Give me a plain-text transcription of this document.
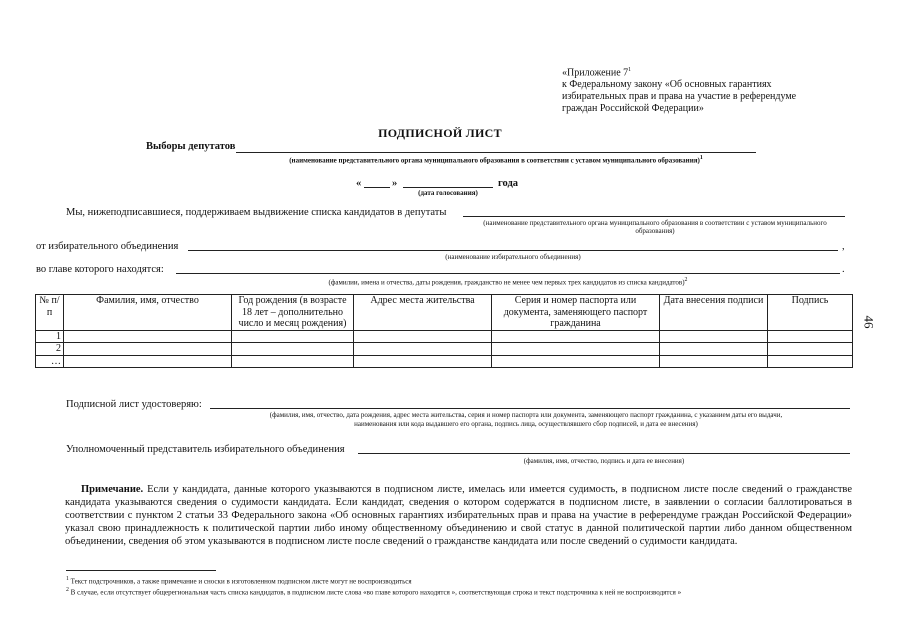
«Приложение $7^1$
к Федеральному закону «Об основных гарантиях
избирательных прав и права на участие в референдуме
граждан Российской Федерации»
ПОДПИСНОЙ ЛИСТ
Выборы депутатов
(наименование представительного органа муниципального образования в соответствии с уставом муниципального образования)$^1$
«	»	года
(дата голосования)
Мы, нижеподписавшиеся, поддерживаем выдвижение списка кандидатов в депутаты
(наименование представительного органа муниципального образования в соответствии с уставом муниципального образования)
от избирательного объединения	,
(наименование избирательного объединения)
во главе которого находятся:	.
(фамилии, имена и отчества, даты рождения, гражданство не менее чем первых трех кандидатов из списка кандидатов)$^2$
№ п/п	Фамилия, имя, отчество	Год рождения (в возрасте 18 лет – дополнительно число и месяц рождения)	Адрес места жительства	Серия и номер паспорта или документа, заменяющего паспорт гражданина	Дата внесения подписи	Подпись
1						
2						
…						
Подписной лист удостоверяю:
(фамилия, имя, отчество, дата рождения, адрес места жительства, серия и номер паспорта или документа, заменяющего паспорт гражданина, с указанием даты его выдачи,
наименования или кода выдавшего его органа, подпись лица, осуществлявшего сбор подписей, и дата ее внесения)
Уполномоченный представитель избирательного объединения
(фамилия, имя, отчество, подпись и дата ее внесения)
Примечание. Если у кандидата, данные которого указываются в подписном листе, имелась или имеется судимость, в подписном листе после сведений о гражданстве кандидата указываются сведения о судимости кандидата. Если кандидат, сведения о котором содержатся в подписном листе, в заявлении о согласии баллотироваться в соответствии с пунктом 2 статьи 33 Федерального закона «Об основных гарантиях избирательных прав и права на участие в референдуме граждан Российской Федерации» указал свою принадлежность к политической партии либо иному общественному объединению и свой статус в данной политической партии либо данном общественном объединении, сведения об этом указываются в подписном листе после сведений о гражданстве кандидата или после сведений о судимости кандидата.
$^1$ Текст подстрочников, а также примечание и сноски в изготовленном подписном листе могут не воспроизводиться
$^2$ В случае, если отсутствует общерегиональная часть списка кандидатов, в подписном листе слова «во главе которого находятся », соответствующая строка и текст подстрочника к ней не воспроизводятся »
46
